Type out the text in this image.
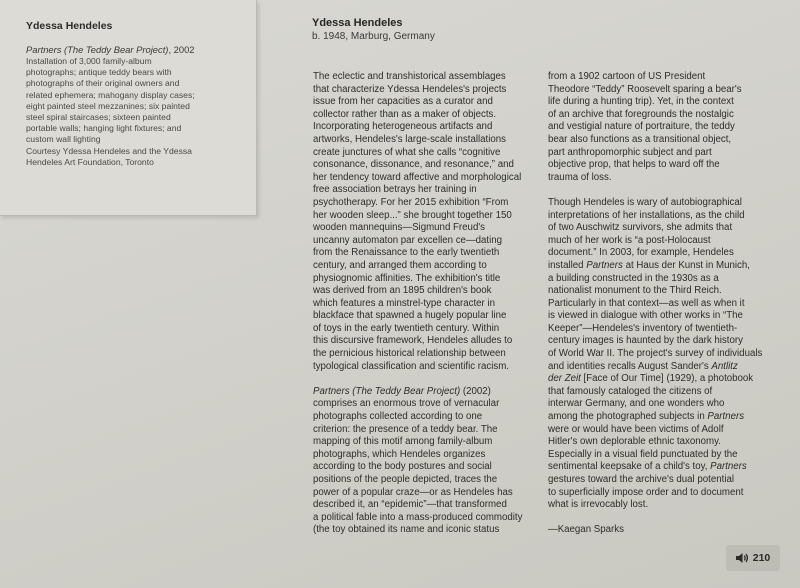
Ydessa Hendeles
Partners (The Teddy Bear Project), 2002
Installation of 3,000 family-album
photographs; antique teddy bears with
photographs of their original owners and
related ephemera; mahogany display cases;
eight painted steel mezzanines; six painted
steel spiral staircases; sixteen painted
portable walls; hanging light fixtures; and
custom wall lighting
Courtesy Ydessa Hendeles and the Ydessa
Hendeles Art Foundation, Toronto
Ydessa Hendeles
b. 1948, Marburg, Germany
The eclectic and transhistorical assemblages
that characterize Ydessa Hendeles's projects
issue from her capacities as a curator and
collector rather than as a maker of objects.
Incorporating heterogeneous artifacts and
artworks, Hendeles's large-scale installations
create junctures of what she calls “cognitive
consonance, dissonance, and resonance,” and
her tendency toward affective and morphological
free association betrays her training in
psychotherapy. For her 2015 exhibition “From
her wooden sleep...” she brought together 150
wooden mannequins—Sigmund Freud's
uncanny automaton par excellen ce—dating
from the Renaissance to the early twentieth
century, and arranged them according to
physiognomic affinities. The exhibition's title
was derived from an 1895 children's book
which features a minstrel-type character in
blackface that spawned a hugely popular line
of toys in the early twentieth century. Within
this discursive framework, Hendeles alludes to
the pernicious historical relationship between
typological classification and scientific racism.
Partners (The Teddy Bear Project) (2002)
comprises an enormous trove of vernacular
photographs collected according to one
criterion: the presence of a teddy bear. The
mapping of this motif among family-album
photographs, which Hendeles organizes
according to the body postures and social
positions of the people depicted, traces the
power of a popular craze—or as Hendeles has
described it, an “epidemic”—that transformed
a political fable into a mass-produced commodity
(the toy obtained its name and iconic status
from a 1902 cartoon of US President
Theodore “Teddy” Roosevelt sparing a bear's
life during a hunting trip). Yet, in the context
of an archive that foregrounds the nostalgic
and vestigial nature of portraiture, the teddy
bear also functions as a transitional object,
part anthropomorphic subject and part
objective prop, that helps to ward off the
trauma of loss.
Though Hendeles is wary of autobiographical
interpretations of her installations, as the child
of two Auschwitz survivors, she admits that
much of her work is “a post-Holocaust
document.” In 2003, for example, Hendeles
installed Partners at Haus der Kunst in Munich,
a building constructed in the 1930s as a
nationalist monument to the Third Reich.
Particularly in that context—as well as when it
is viewed in dialogue with other works in “The
Keeper”—Hendeles's inventory of twentieth-
century images is haunted by the dark history
of World War II. The project's survey of individuals
and identities recalls August Sander's Antlitz
der Zeit [Face of Our Time] (1929), a photobook
that famously cataloged the citizens of
interwar Germany, and one wonders who
among the photographed subjects in Partners
were or would have been victims of Adolf
Hitler's own deplorable ethnic taxonomy.
Especially in a visual field punctuated by the
sentimental keepsake of a child's toy, Partners
gestures toward the archive's dual potential
to superficially impose order and to document
what is irrevocably lost.
—Kaegan Sparks
210
